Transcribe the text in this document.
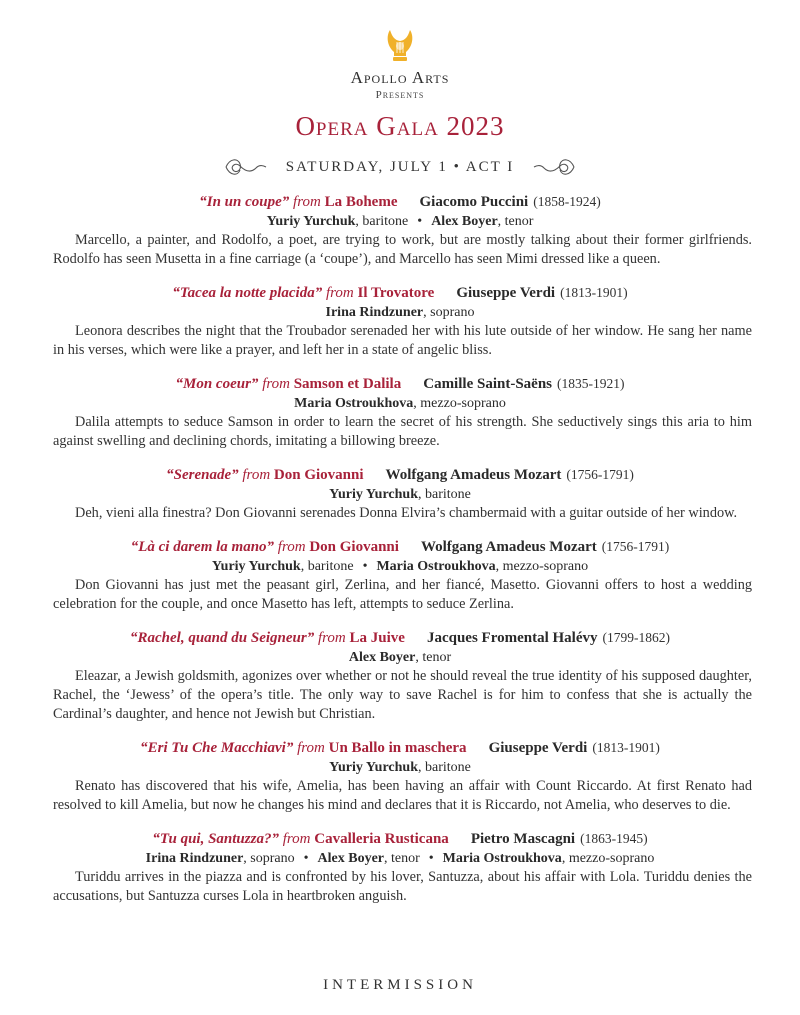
Apollo Arts
Presents
Opera Gala 2023
SATURDAY, JULY 1 • ACT I
“In un coupe” from La Boheme Giacomo Puccini (1858-1924)
Yuriy Yurchuk, baritone • Alex Boyer, tenor
Marcello, a painter, and Rodolfo, a poet, are trying to work, but are mostly talking about their former girlfriends. Rodolfo has seen Musetta in a fine carriage (a ‘coupe’), and Marcello has seen Mimi dressed like a queen.
“Tacea la notte placida” from Il Trovatore Giuseppe Verdi (1813-1901)
Irina Rindzuner, soprano
Leonora describes the night that the Troubador serenaded her with his lute outside of her window. He sang her name in his verses, which were like a prayer, and left her in a state of angelic bliss.
“Mon coeur” from Samson et Dalila Camille Saint-Saëns (1835-1921)
Maria Ostroukhova, mezzo-soprano
Dalila attempts to seduce Samson in order to learn the secret of his strength. She seductively sings this aria to him against swelling and declining chords, imitating a billowing breeze.
“Serenade” from Don Giovanni Wolfgang Amadeus Mozart (1756-1791)
Yuriy Yurchuk, baritone
Deh, vieni alla finestra? Don Giovanni serenades Donna Elvira’s chambermaid with a guitar outside of her window.
“Là ci darem la mano” from Don Giovanni Wolfgang Amadeus Mozart (1756-1791)
Yuriy Yurchuk, baritone • Maria Ostroukhova, mezzo-soprano
Don Giovanni has just met the peasant girl, Zerlina, and her fiancé, Masetto. Giovanni offers to host a wedding celebration for the couple, and once Masetto has left, attempts to seduce Zerlina.
“Rachel, quand du Seigneur” from La Juive Jacques Fromental Halévy (1799-1862)
Alex Boyer, tenor
Eleazar, a Jewish goldsmith, agonizes over whether or not he should reveal the true identity of his supposed daughter, Rachel, the ‘Jewess’ of the opera’s title. The only way to save Rachel is for him to confess that she is actually the Cardinal’s daughter, and hence not Jewish but Christian.
“Eri Tu Che Macchiavi” from Un Ballo in maschera Giuseppe Verdi (1813-1901)
Yuriy Yurchuk, baritone
Renato has discovered that his wife, Amelia, has been having an affair with Count Riccardo. At first Renato had resolved to kill Amelia, but now he changes his mind and declares that it is Riccardo, not Amelia, who deserves to die.
“Tu qui, Santuzza?” from Cavalleria Rusticana Pietro Mascagni (1863-1945)
Irina Rindzuner, soprano • Alex Boyer, tenor • Maria Ostroukhova, mezzo-soprano
Turiddu arrives in the piazza and is confronted by his lover, Santuzza, about his affair with Lola. Turiddu denies the accusations, but Santuzza curses Lola in heartbroken anguish.
INTERMISSION
